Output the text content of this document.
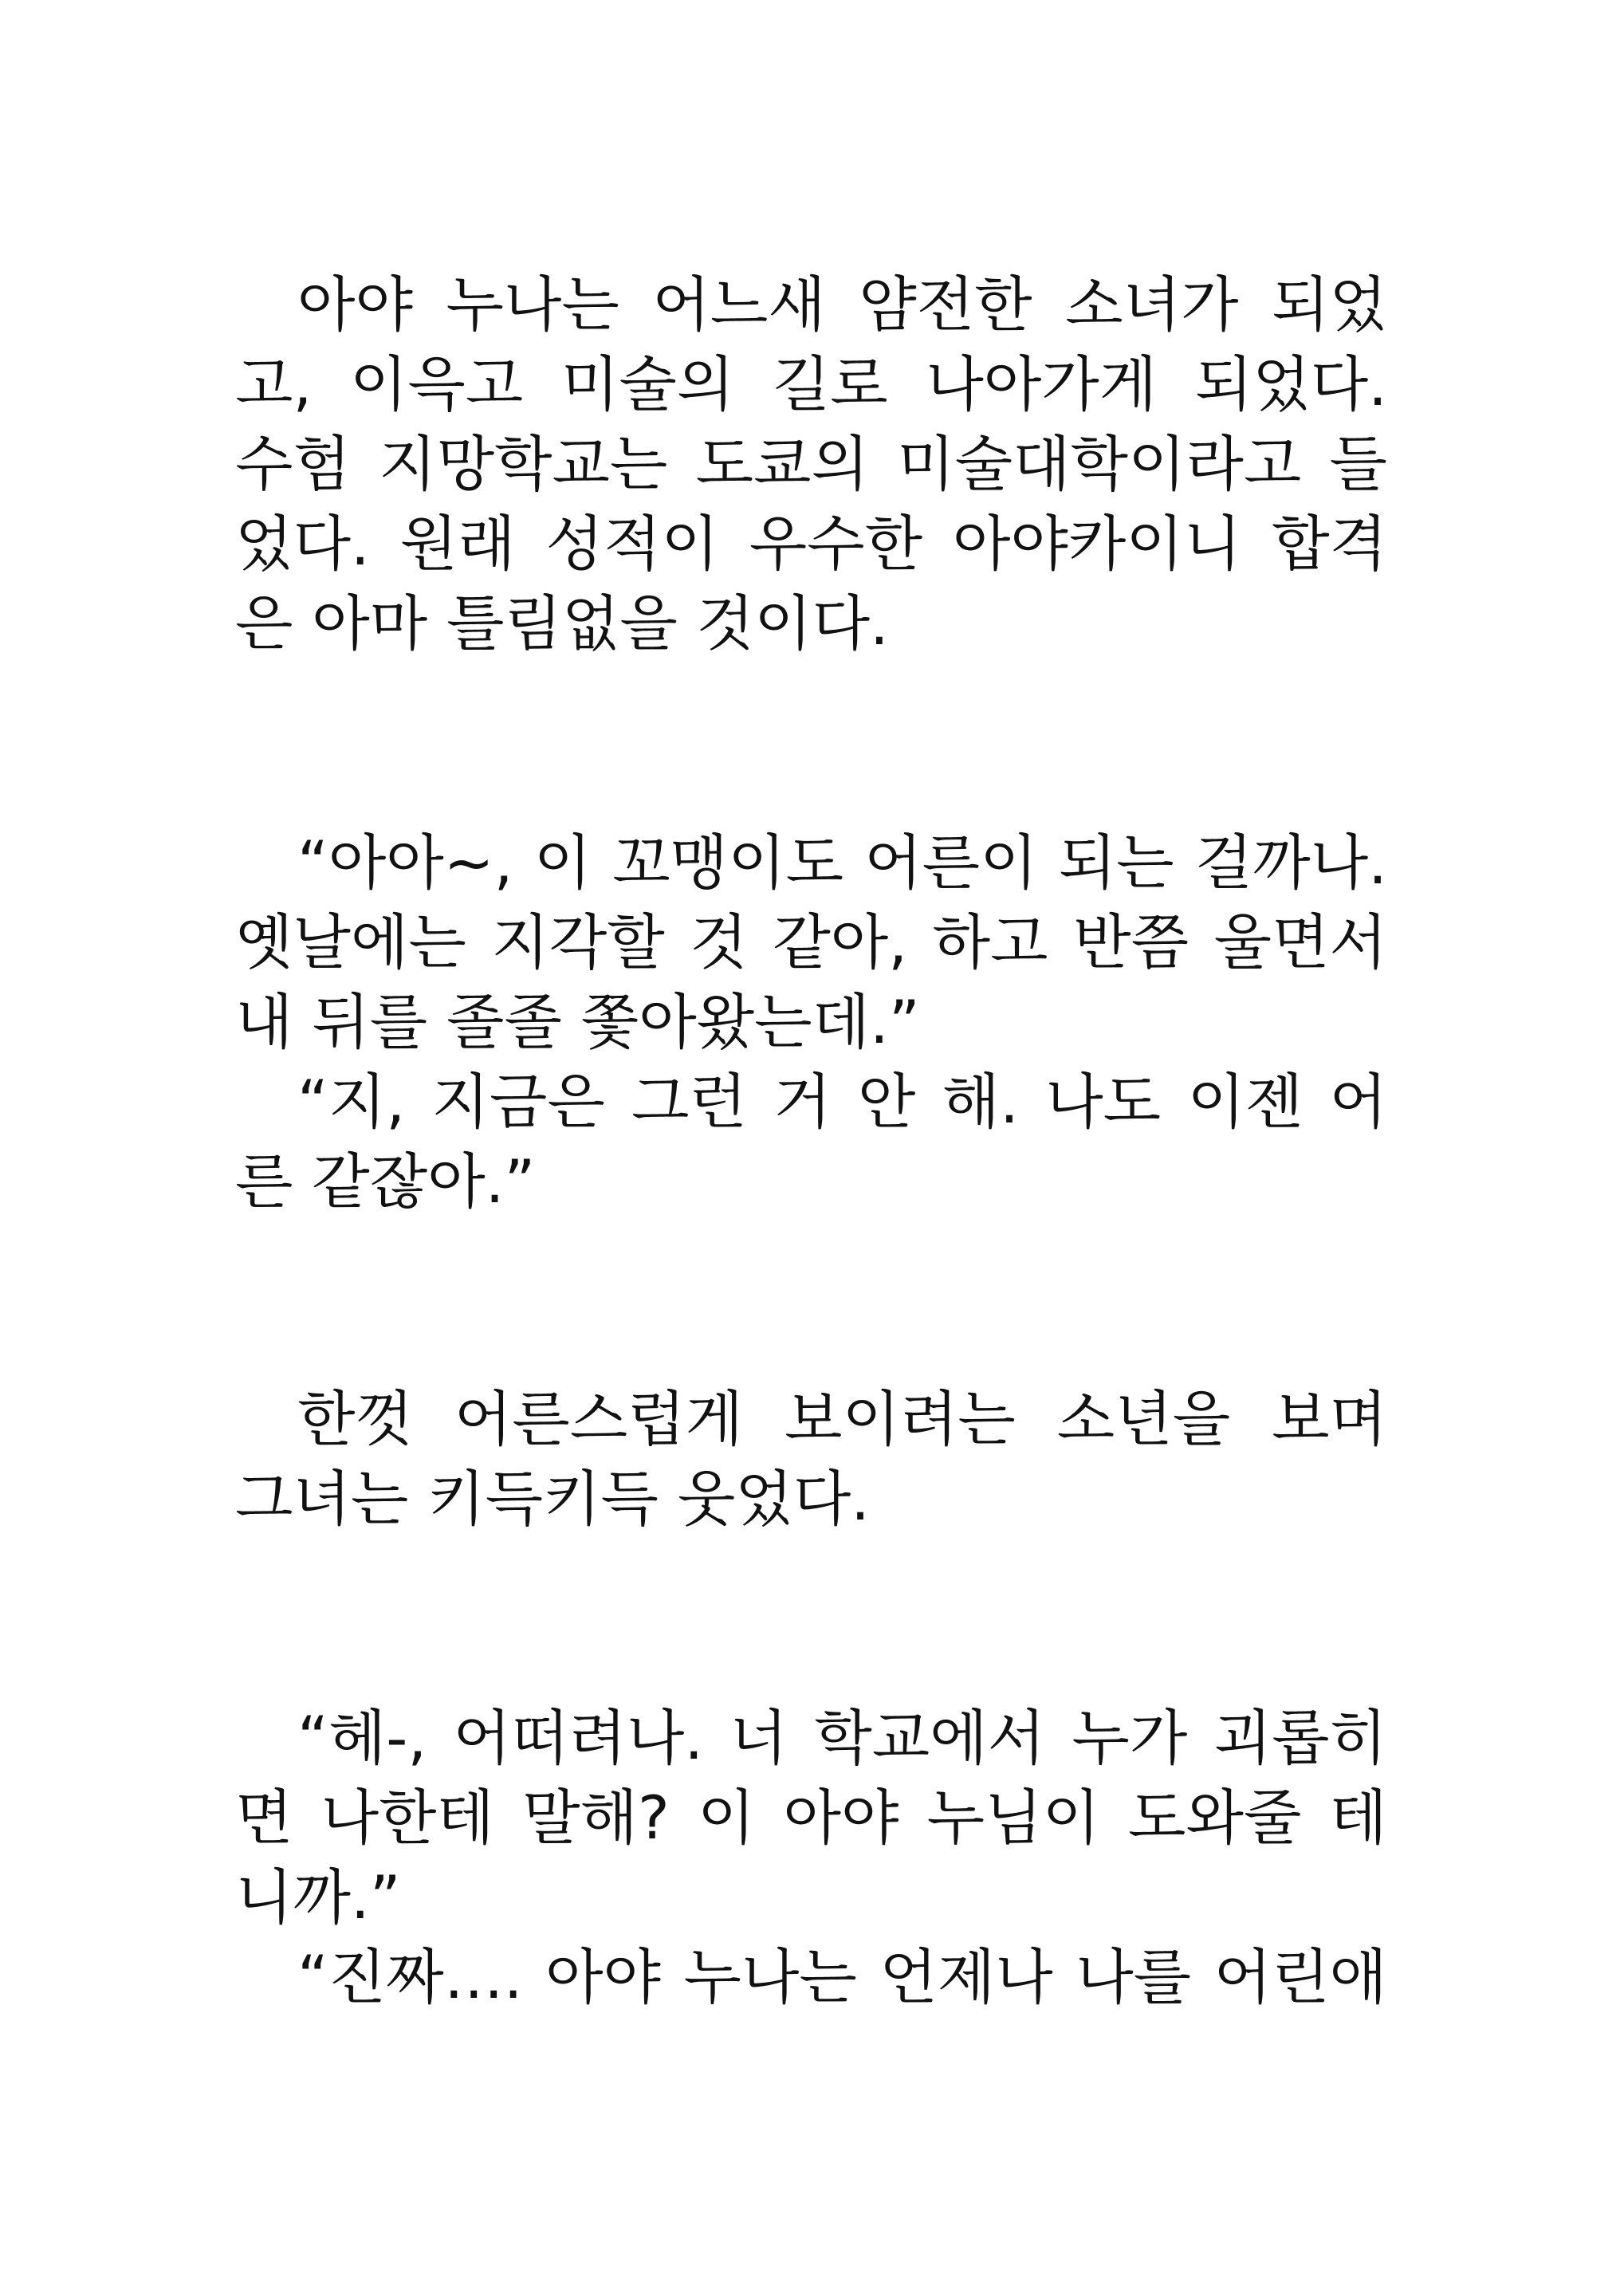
아야 누나는 어느새 얌전한 소녀가 되었
고, 이윽고 미술의 길로 나아가게 되었다.
수험 지망학교는 도쿄의 미술대학이라고 들
었다. 원래 성적이 우수한 아야카이니 합격
은 아마 틀림없을 것이다.
“아아~, 이 꼬맹이도 어른이 되는 걸까나.
옛날에는 지각할 것 같아, 하고 반쯤 울면서
내 뒤를 졸졸 쫓아왔는데.”
“지, 지금은 그런 거 안 해. 나도 이젠 어
른 같잖아.”
한껏 어른스럽게 보이려는 소년을 보며
그녀는 키득키득 웃었다.
“헤-, 어떠려나. 너 학교에서 누가 괴롭히
면 나한테 말해? 이 아야 누님이 도와줄 테
니까.”
“진짜…. 아야 누나는 언제나 나를 어린애
